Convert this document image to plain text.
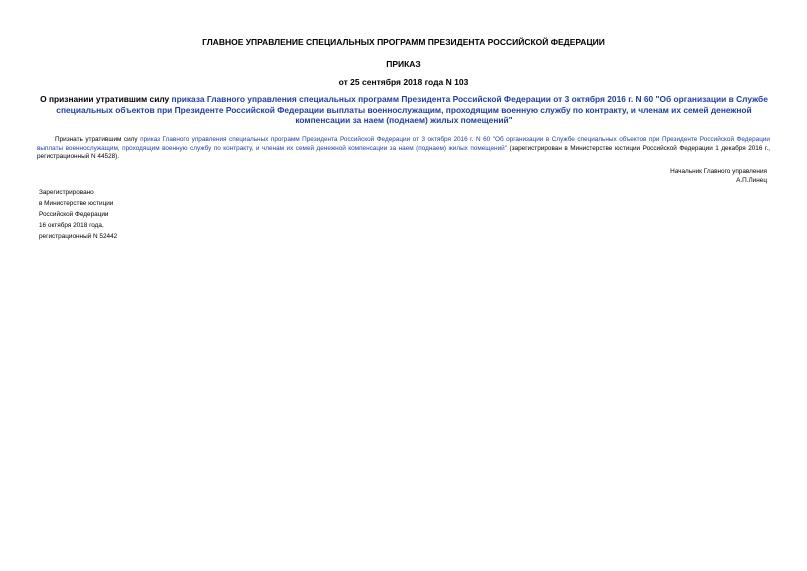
ГЛАВНОЕ УПРАВЛЕНИЕ СПЕЦИАЛЬНЫХ ПРОГРАММ ПРЕЗИДЕНТА РОССИЙСКОЙ ФЕДЕРАЦИИ
ПРИКАЗ
от 25 сентября 2018 года N 103
О признании утратившим силу приказа Главного управления специальных программ Президента Российской Федерации от 3 октября 2016 г. N 60 "Об организации в Службе специальных объектов при Президенте Российской Федерации выплаты военнослужащим, проходящим военную службу по контракту, и членам их семей денежной компенсации за наем (поднаем) жилых помещений"
Признать утратившим силу приказ Главного управления специальных программ Президента Российской Федерации от 3 октября 2016 г. N 60 "Об организации в Службе специальных объектов при Президенте Российской Федерации выплаты военнослужащим, проходящим военную службу по контракту, и членам их семей денежной компенсации за наем (поднаем) жилых помещений" (зарегистрирован в Министерстве юстиции Российской Федерации 1 декабря 2016 г., регистрационный N 44528).
Начальник Главного управления
А.П.Линец
Зарегистрировано
в Министерстве юстиции
Российской Федерации
16 октября 2018 года,
регистрационный N 52442
